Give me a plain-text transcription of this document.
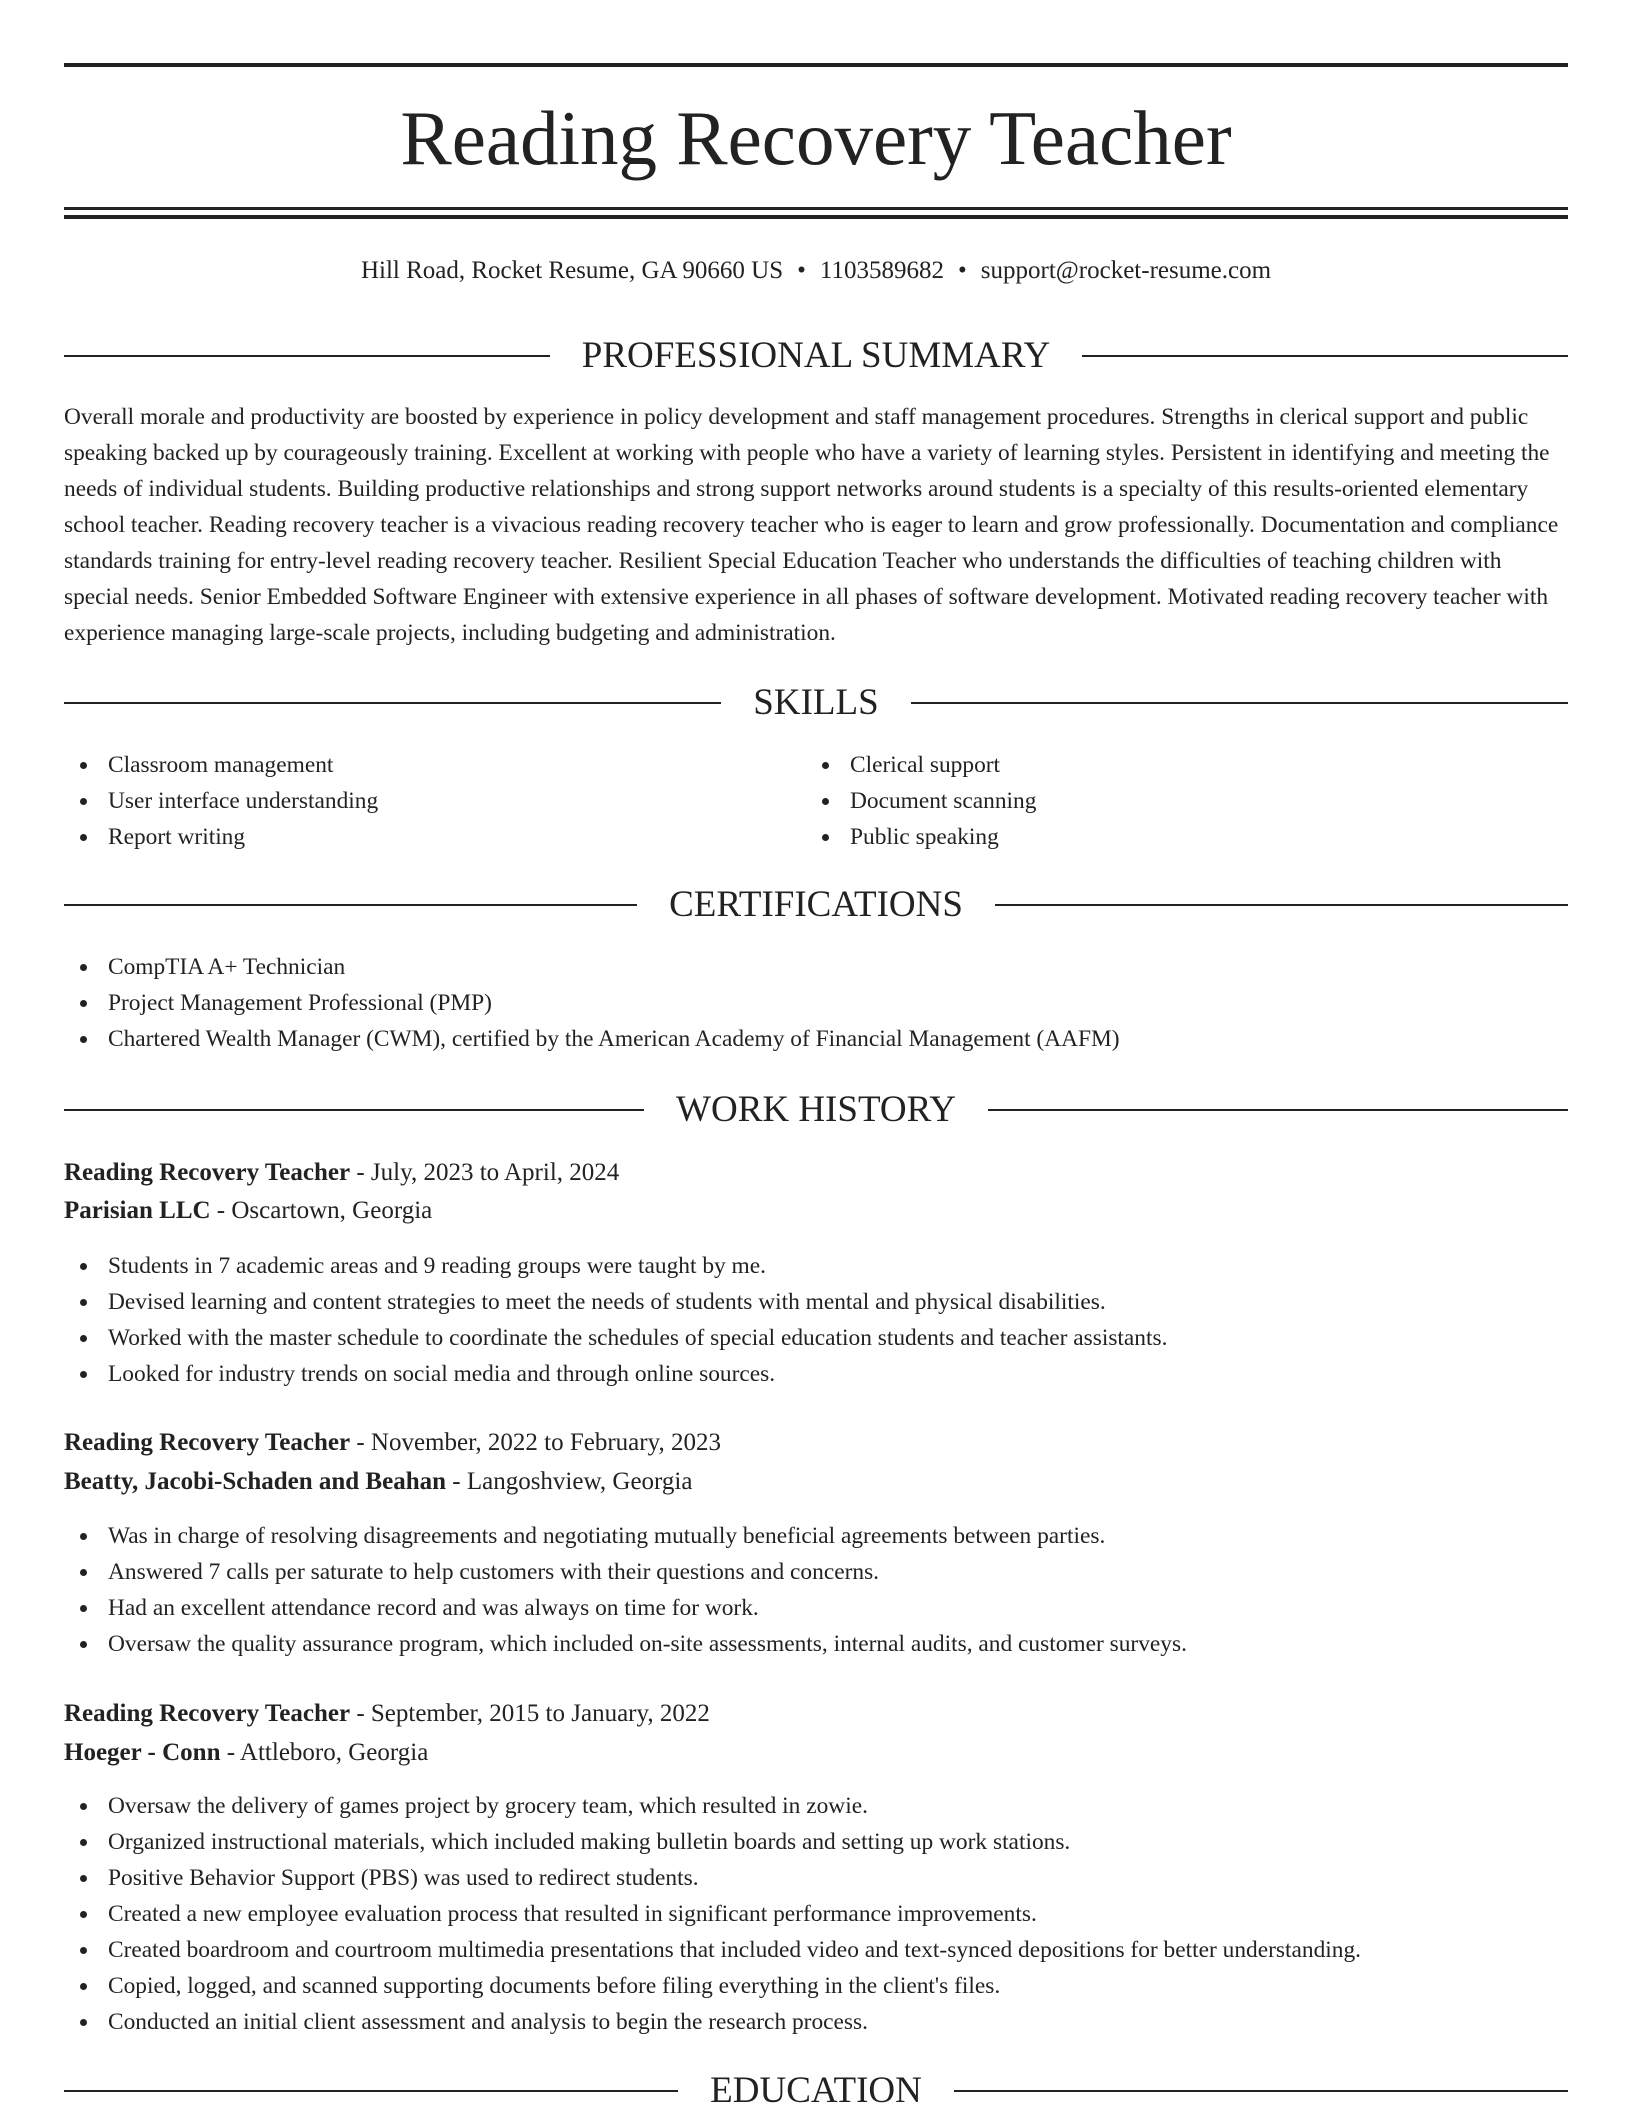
Reading Recovery Teacher
Hill Road, Rocket Resume, GA 90660 US • 1103589682 • support@rocket-resume.com
PROFESSIONAL SUMMARY

Overall morale and productivity are boosted by experience in policy development and staff management procedures. Strengths in clerical support and public speaking backed up by courageously training. Excellent at working with people who have a variety of learning styles. Persistent in identifying and meeting the needs of individual students. Building productive relationships and strong support networks around students is a specialty of this results-oriented elementary school teacher. Reading recovery teacher is a vivacious reading recovery teacher who is eager to learn and grow professionally. Documentation and compliance standards training for entry-level reading recovery teacher. Resilient Special Education Teacher who understands the difficulties of teaching children with special needs. Senior Embedded Software Engineer with extensive experience in all phases of software development. Motivated reading recovery teacher with experience managing large-scale projects, including budgeting and administration.

SKILLS
Classroom management
User interface understanding
Report writing
Clerical support
Document scanning
Public speaking
CERTIFICATIONS
CompTIA A+ Technician
Project Management Professional (PMP)
Chartered Wealth Manager (CWM), certified by the American Academy of Financial Management (AAFM)
WORK HISTORY
Reading Recovery Teacher - July, 2023 to April, 2024
Parisian LLC - Oscartown, Georgia
Students in 7 academic areas and 9 reading groups were taught by me.
Devised learning and content strategies to meet the needs of students with mental and physical disabilities.
Worked with the master schedule to coordinate the schedules of special education students and teacher assistants.
Looked for industry trends on social media and through online sources.
Reading Recovery Teacher - November, 2022 to February, 2023
Beatty, Jacobi-Schaden and Beahan - Langoshview, Georgia
Was in charge of resolving disagreements and negotiating mutually beneficial agreements between parties.
Answered 7 calls per saturate to help customers with their questions and concerns.
Had an excellent attendance record and was always on time for work.
Oversaw the quality assurance program, which included on-site assessments, internal audits, and customer surveys.
Reading Recovery Teacher - September, 2015 to January, 2022
Hoeger - Conn - Attleboro, Georgia
Oversaw the delivery of games project by grocery team, which resulted in zowie.
Organized instructional materials, which included making bulletin boards and setting up work stations.
Positive Behavior Support (PBS) was used to redirect students.
Created a new employee evaluation process that resulted in significant performance improvements.
Created boardroom and courtroom multimedia presentations that included video and text-synced depositions for better understanding.
Copied, logged, and scanned supporting documents before filing everything in the client's files.
Conducted an initial client assessment and analysis to begin the research process.
EDUCATION
